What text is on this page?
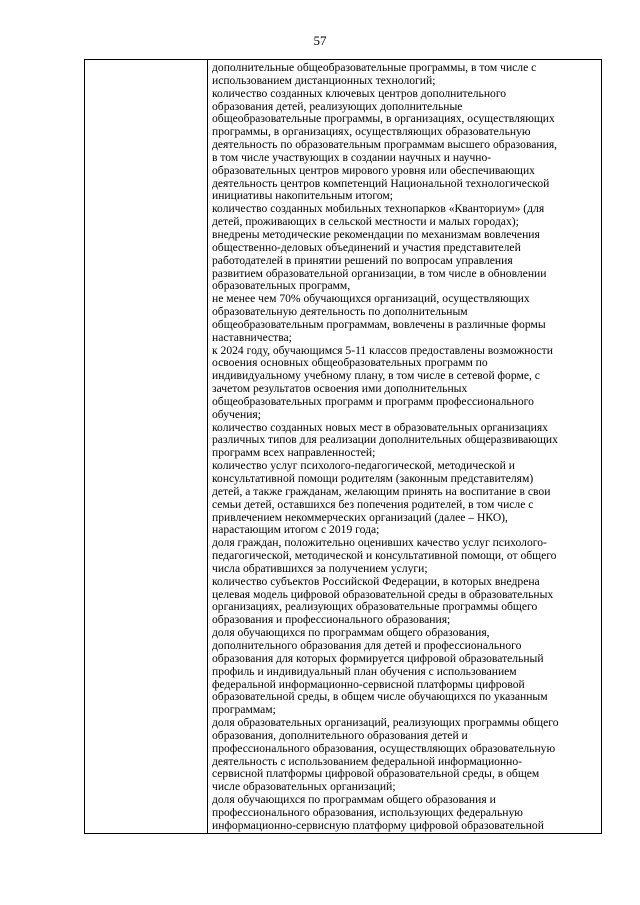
57
дополнительные общеобразовательные программы, в том числе с
использованием дистанционных технологий;
количество созданных ключевых центров дополнительного
образования детей, реализующих дополнительные
общеобразовательные программы, в организациях, осуществляющих
программы, в организациях, осуществляющих образовательную
деятельность по образовательным программам высшего образования,
в том числе участвующих в создании научных и научно-
образовательных центров мирового уровня или обеспечивающих
деятельность центров компетенций Национальной технологической
инициативы накопительным итогом;
количество созданных мобильных технопарков «Кванториум» (для
детей, проживающих в сельской местности и малых городах);
внедрены методические рекомендации по механизмам вовлечения
общественно-деловых объединений и участия представителей
работодателей в принятии решений по вопросам управления
развитием образовательной организации, в том числе в обновлении
образовательных программ,
не менее чем 70% обучающихся организаций, осуществляющих
образовательную деятельность по дополнительным
общеобразовательным программам, вовлечены в различные формы
наставничества;
к 2024 году, обучающимся 5-11 классов предоставлены возможности
освоения основных общеобразовательных программ по
индивидуальному учебному плану, в том числе в сетевой форме, с
зачетом результатов освоения ими дополнительных
общеобразовательных программ и программ профессионального
обучения;
количество созданных новых мест в образовательных организациях
различных типов для реализации дополнительных общеразвивающих
программ всех направленностей;
количество услуг психолого-педагогической, методической и
консультативной помощи родителям (законным представителям)
детей, а также гражданам, желающим принять на воспитание в свои
семьи детей, оставшихся без попечения родителей, в том числе с
привлечением некоммерческих организаций (далее – НКО),
нарастающим итогом с 2019 года;
доля граждан, положительно оценивших качество услуг психолого-
педагогической, методической и консультативной помощи, от общего
числа обратившихся за получением услуги;
количество субъектов Российской Федерации, в которых внедрена
целевая модель цифровой образовательной среды в образовательных
организациях, реализующих образовательные программы общего
образования и профессионального образования;
доля обучающихся по программам общего образования,
дополнительного образования для детей и профессионального
образования для которых формируется цифровой образовательный
профиль и индивидуальный план обучения с использованием
федеральной информационно-сервисной платформы цифровой
образовательной среды, в общем числе обучающихся по указанным
программам;
доля образовательных организаций, реализующих программы общего
образования, дополнительного образования детей и
профессионального образования, осуществляющих образовательную
деятельность с использованием федеральной информационно-
сервисной платформы цифровой образовательной среды, в общем
числе образовательных организаций;
доля обучающихся по программам общего образования и
профессионального образования, использующих федеральную
информационно-сервисную платформу цифровой образовательной
